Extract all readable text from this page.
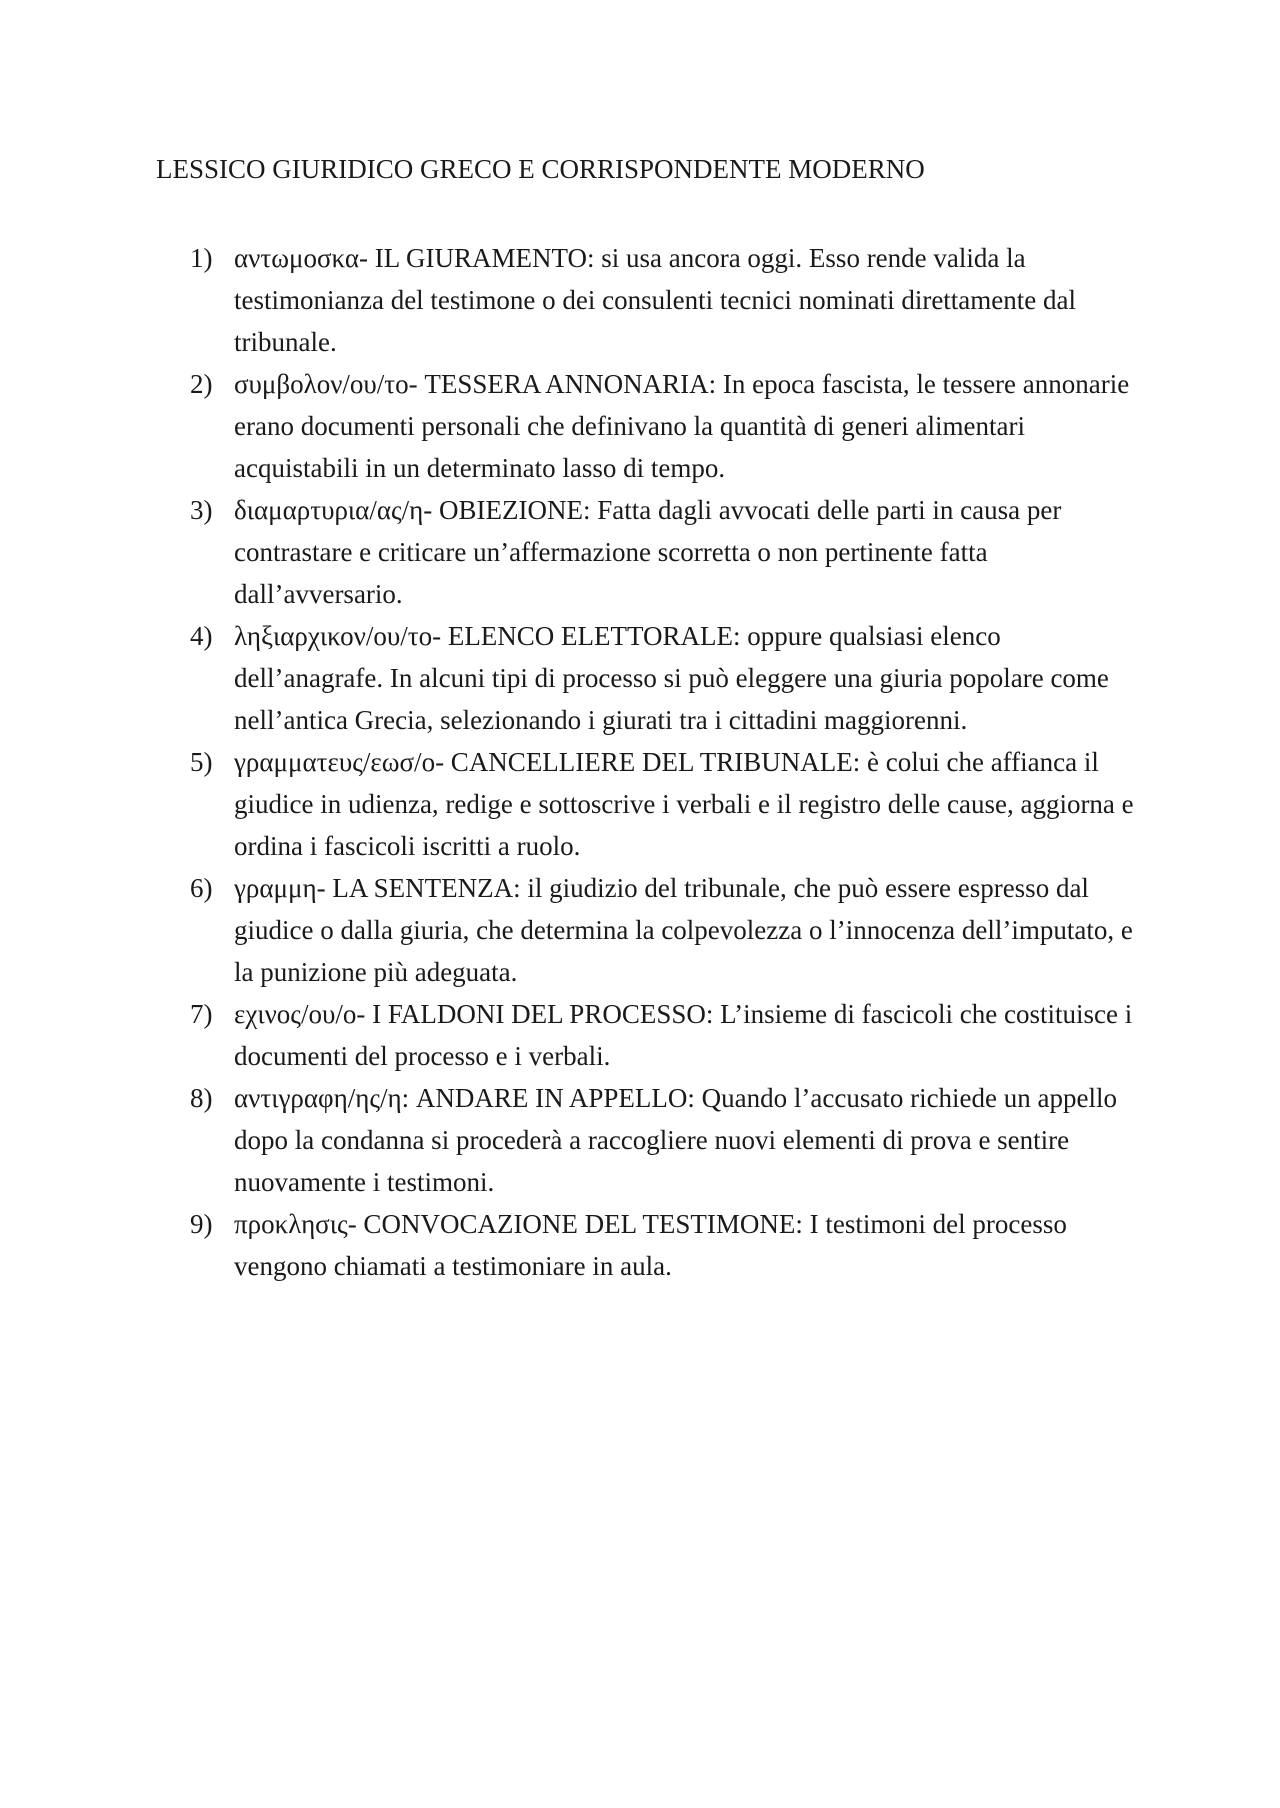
LESSICO GIURIDICO GRECO E CORRISPONDENTE MODERNO
1) αντωμοσκα- IL GIURAMENTO: si usa ancora oggi. Esso rende valida la testimonianza del testimone o dei consulenti tecnici nominati direttamente dal tribunale.
2) συμβολον/ου/το- TESSERA ANNONARIA: In epoca fascista, le tessere annonarie erano documenti personali che definivano la quantità di generi alimentari acquistabili in un determinato lasso di tempo.
3) διαμαρτυρια/ας/η- OBIEZIONE: Fatta dagli avvocati delle parti in causa per contrastare e criticare un’affermazione scorretta o non pertinente fatta dall’avversario.
4) ληξιαρχικον/ου/το- ELENCO ELETTORALE: oppure qualsiasi elenco dell’anagrafe. In alcuni tipi di processo si può eleggere una giuria popolare come nell’antica Grecia, selezionando i giurati tra i cittadini maggiorenni.
5) γραμματευς/εωσ/ο- CANCELLIERE DEL TRIBUNALE: è colui che affianca il giudice in udienza, redige e sottoscrive i verbali e il registro delle cause, aggiorna e ordina i fascicoli iscritti a ruolo.
6) γραμμη- LA SENTENZA: il giudizio del tribunale, che può essere espresso dal giudice o dalla giuria, che determina la colpevolezza o l’innocenza dell’imputato, e la punizione più adeguata.
7) εχινος/ου/ο- I FALDONI DEL PROCESSO: L’insieme di fascicoli che costituisce i documenti del processo e i verbali.
8) αντιγραφη/ης/η: ANDARE IN APPELLO: Quando l’accusato richiede un appello dopo la condanna si procederà a raccogliere nuovi elementi di prova e sentire nuovamente i testimoni.
9) προκλησις- CONVOCAZIONE DEL TESTIMONE: I testimoni del processo vengono chiamati a testimoniare in aula.
